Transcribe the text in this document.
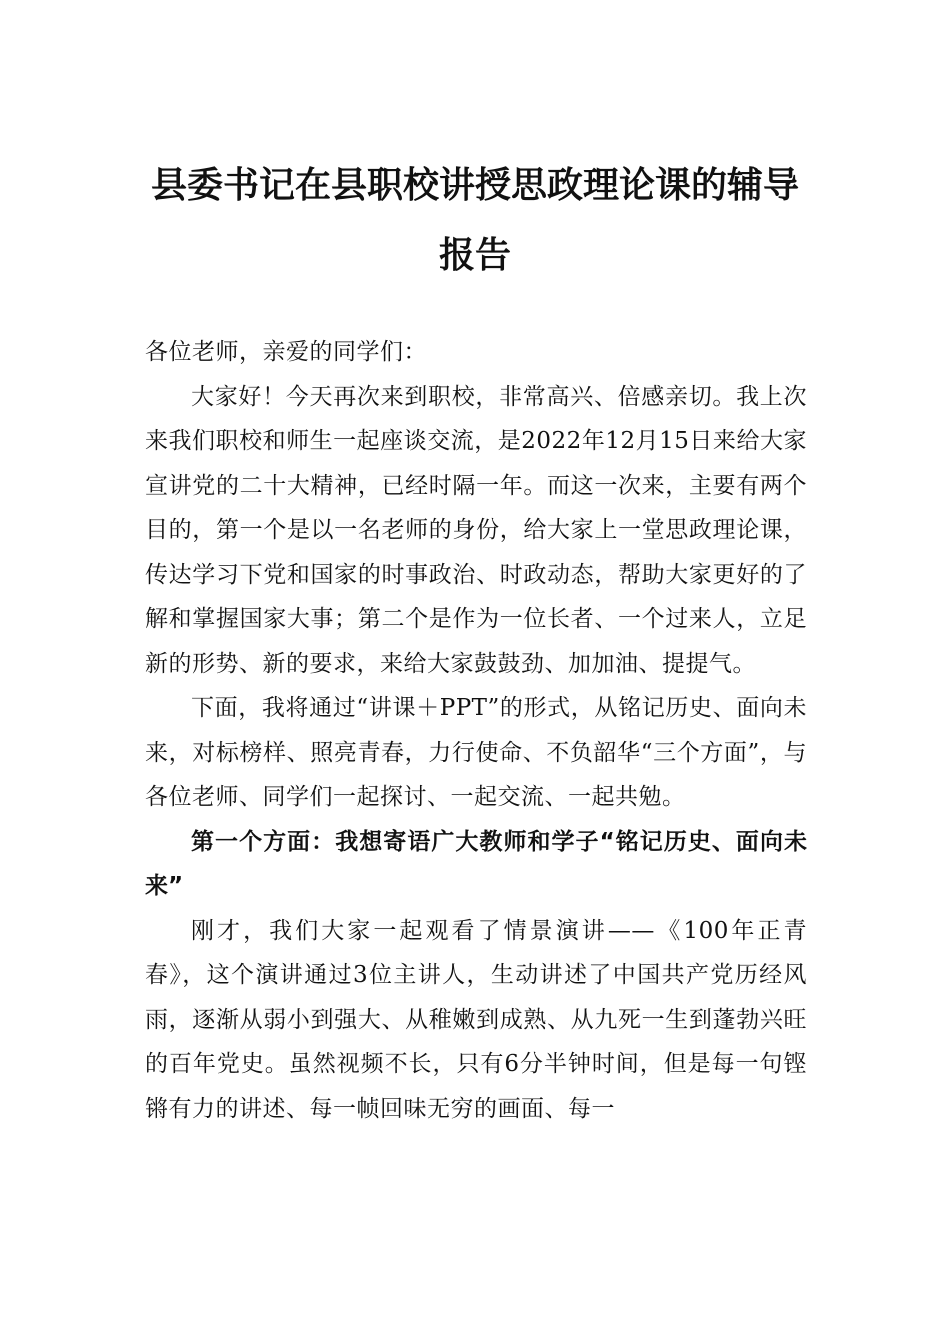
县委书记在县职校讲授思政理论课的辅导报告

各位老师，亲爱的同学们：

大家好！今天再次来到职校，非常高兴、倍感亲切。我上次来我们职校和师生一起座谈交流，是2022年12月15日来给大家宣讲党的二十大精神，已经时隔一年。而这一次来，主要有两个目的，第一个是以一名老师的身份，给大家上一堂思政理论课，传达学习下党和国家的时事政治、时政动态，帮助大家更好的了解和掌握国家大事；第二个是作为一位长者、一个过来人，立足新的形势、新的要求，来给大家鼓鼓劲、加加油、提提气。

下面，我将通过“讲课＋PPT”的形式，从铭记历史、面向未来，对标榜样、照亮青春，力行使命、不负韶华“三个方面”，与各位老师、同学们一起探讨、一起交流、一起共勉。

第一个方面：我想寄语广大教师和学子“铭记历史、面向未来”

刚才，我们大家一起观看了情景演讲——《100年正青春》，这个演讲通过3位主讲人，生动讲述了中国共产党历经风雨，逐渐从弱小到强大、从稚嫩到成熟、从九死一生到蓬勃兴旺的百年党史。虽然视频不长，只有6分半钟时间，但是每一句铿锵有力的讲述、每一帧回味无穷的画面、每一
